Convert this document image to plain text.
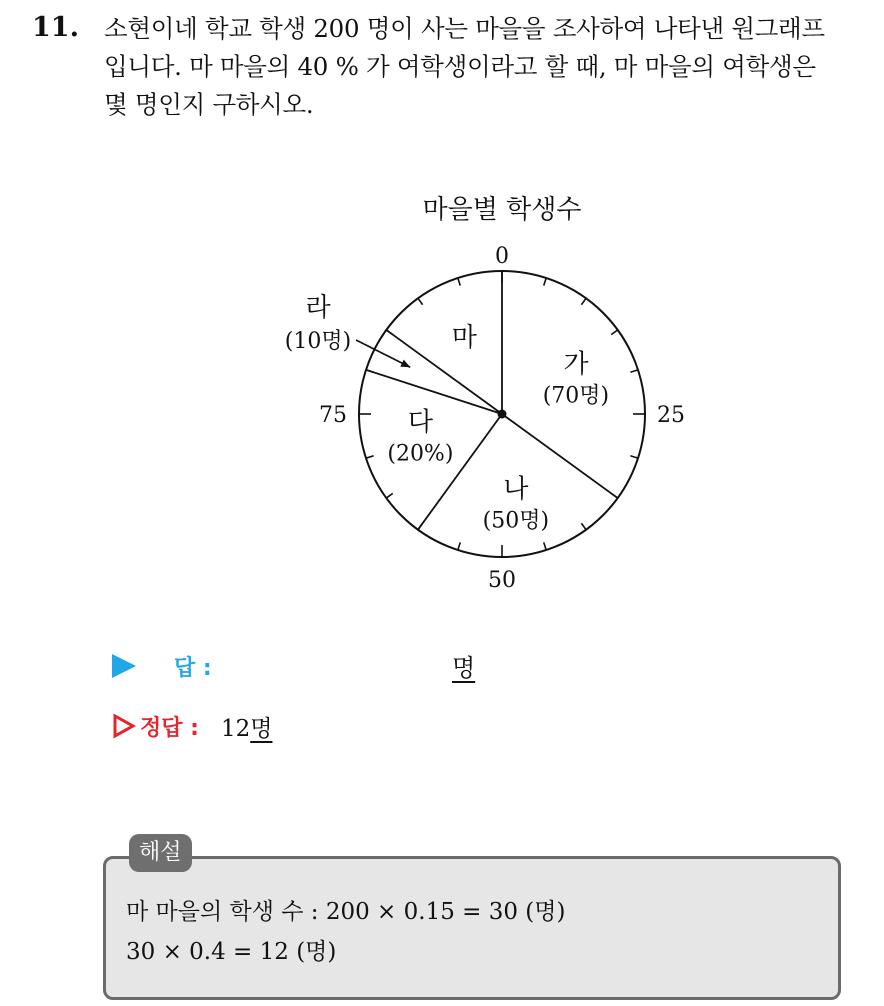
11. 소현이네 학교 학생 200 명이 사는 마을을 조사하여 나타낸 원그래프
입니다. 마 마을의 40 % 가 여학생이라고 할 때, 마 마을의 여학생은
몇 명인지 구하시오.
마을별 학생수
0
25
50
75
가
(70명)
나
(50명)
다
(20%)
라
(10명)	마
답 :	명
정답 : 12명
해설
마 마을의 학생 수 : 200 × 0.15 = 30 (명)
30 × 0.4 = 12 (명)
